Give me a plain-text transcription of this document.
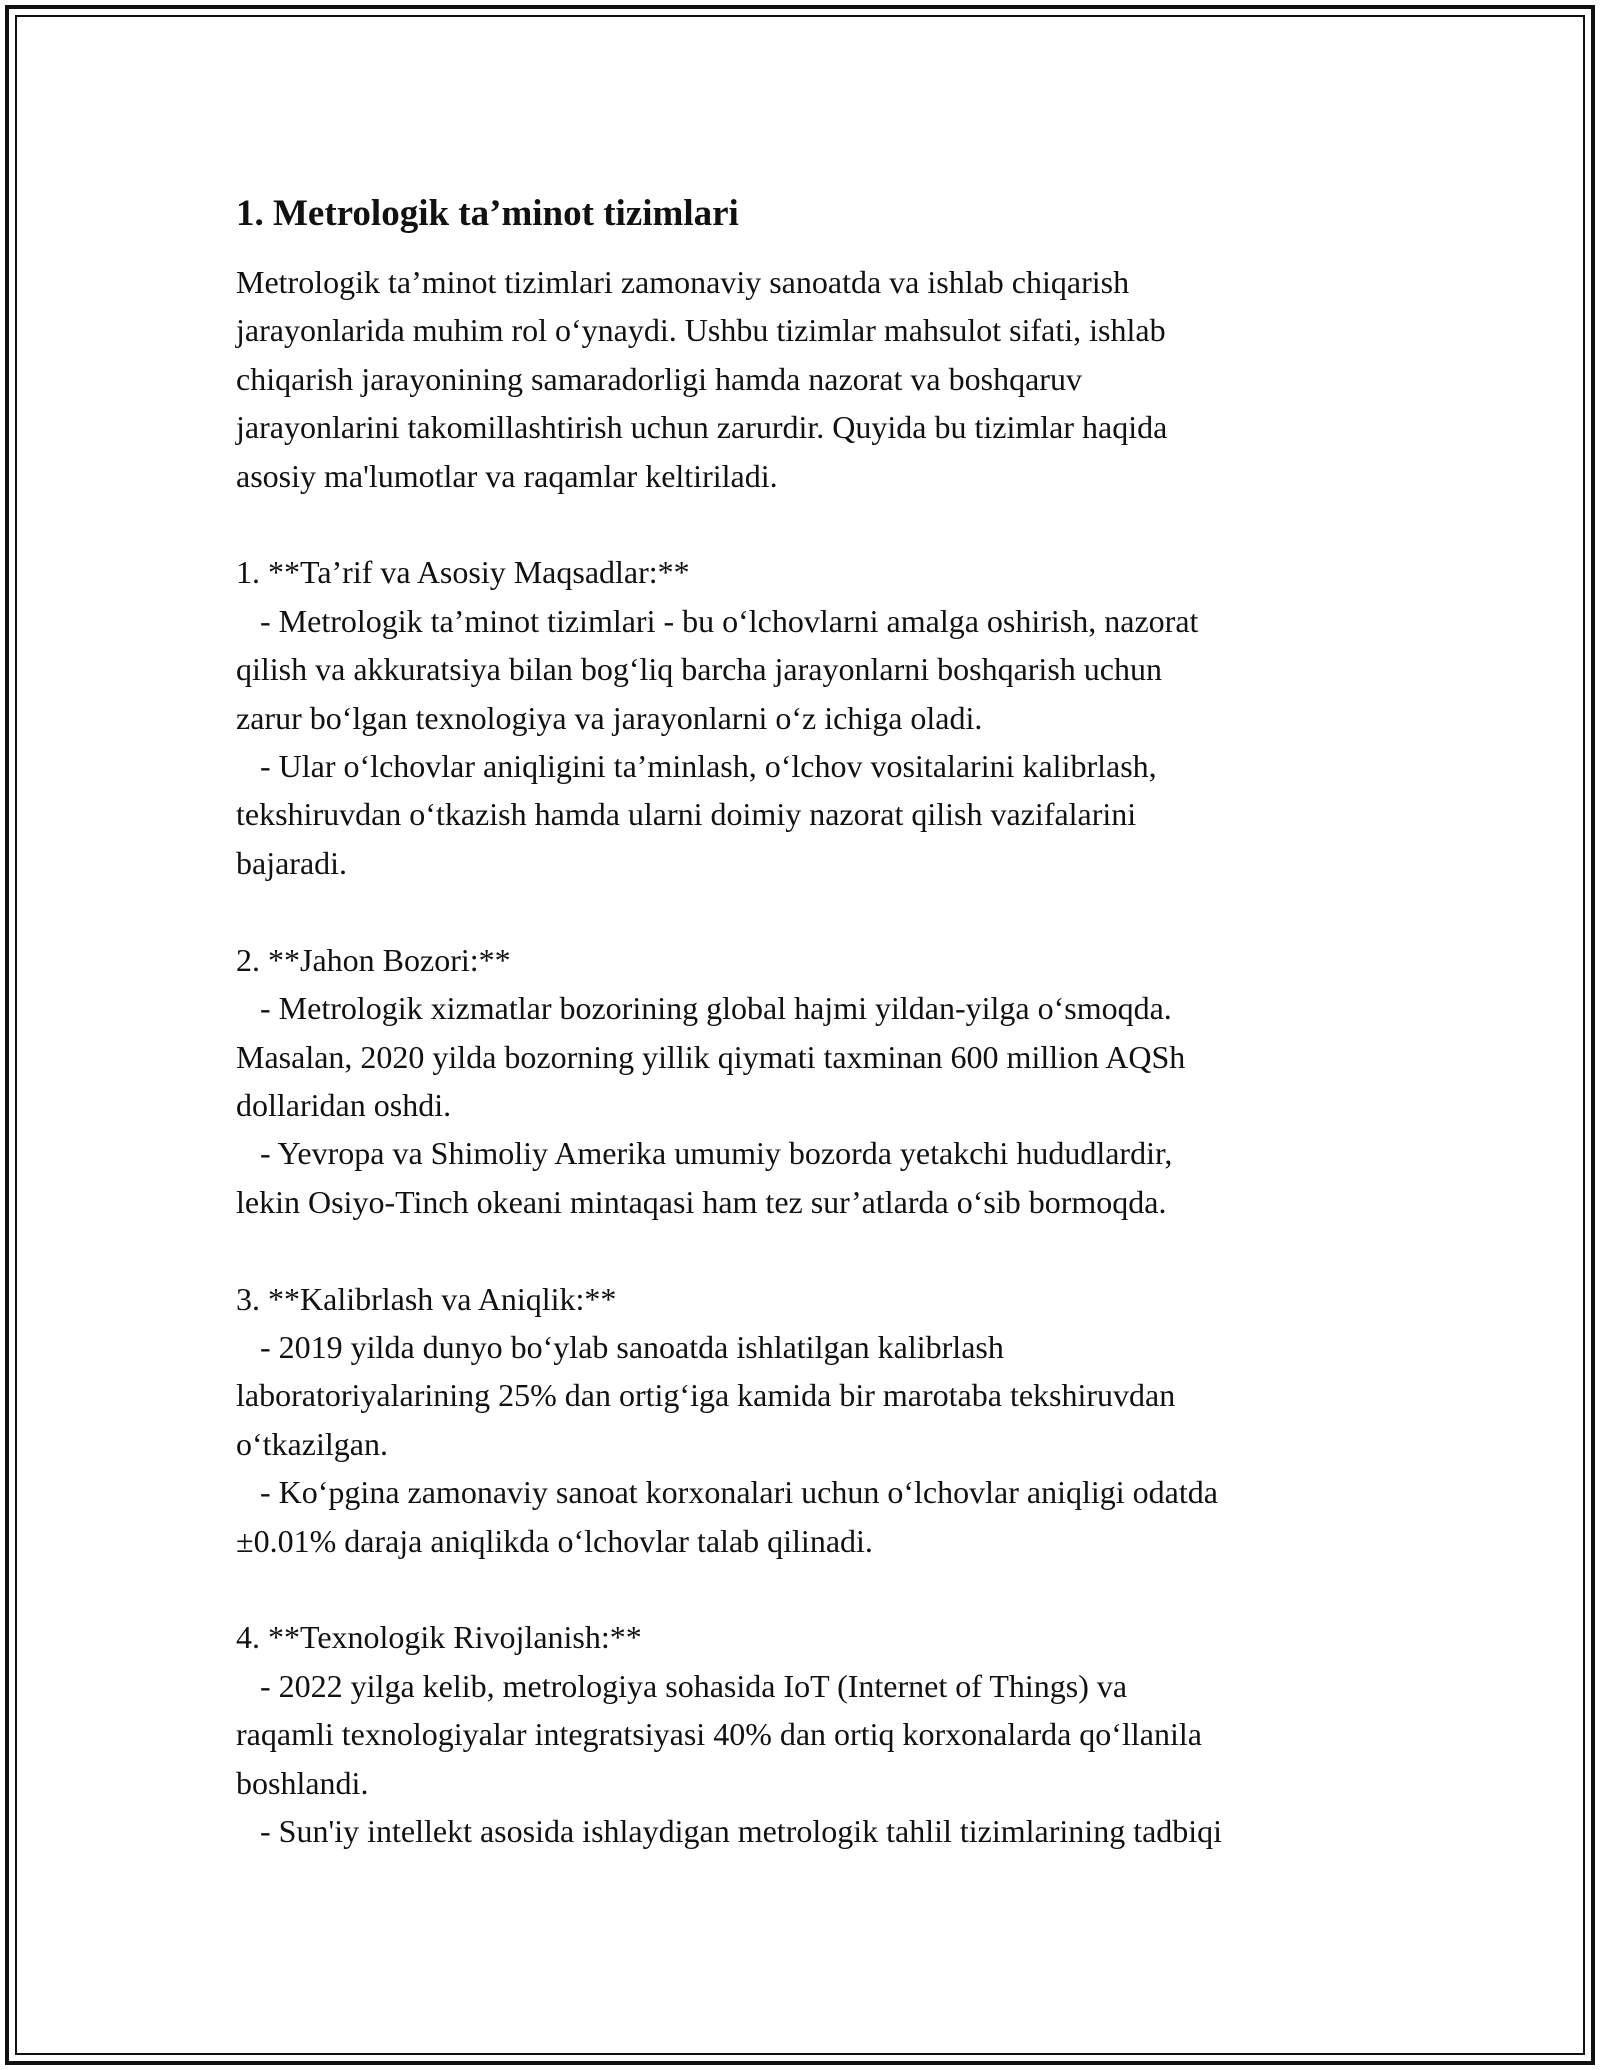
1. Metrologik ta’minot tizimlari

Metrologik ta’minot tizimlari zamonaviy sanoatda va ishlab chiqarish
jarayonlarida muhim rol o‘ynaydi. Ushbu tizimlar mahsulot sifati, ishlab
chiqarish jarayonining samaradorligi hamda nazorat va boshqaruv
jarayonlarini takomillashtirish uchun zarurdir. Quyida bu tizimlar haqida
asosiy ma'lumotlar va raqamlar keltiriladi.

1. **Ta’rif va Asosiy Maqsadlar:**
- Metrologik ta’minot tizimlari - bu o‘lchovlarni amalga oshirish, nazorat
qilish va akkuratsiya bilan bog‘liq barcha jarayonlarni boshqarish uchun
zarur bo‘lgan texnologiya va jarayonlarni o‘z ichiga oladi.
- Ular o‘lchovlar aniqligini ta’minlash, o‘lchov vositalarini kalibrlash,
tekshiruvdan o‘tkazish hamda ularni doimiy nazorat qilish vazifalarini
bajaradi.

2. **Jahon Bozori:**
- Metrologik xizmatlar bozorining global hajmi yildan-yilga o‘smoqda.
Masalan, 2020 yilda bozorning yillik qiymati taxminan 600 million AQSh
dollaridan oshdi.
- Yevropa va Shimoliy Amerika umumiy bozorda yetakchi hududlardir,
lekin Osiyo-Tinch okeani mintaqasi ham tez sur’atlarda o‘sib bormoqda.

3. **Kalibrlash va Aniqlik:**
- 2019 yilda dunyo bo‘ylab sanoatda ishlatilgan kalibrlash
laboratoriyalarining 25% dan ortig‘iga kamida bir marotaba tekshiruvdan
o‘tkazilgan.
- Ko‘pgina zamonaviy sanoat korxonalari uchun o‘lchovlar aniqligi odatda
±0.01% daraja aniqlikda o‘lchovlar talab qilinadi.

4. **Texnologik Rivojlanish:**
- 2022 yilga kelib, metrologiya sohasida IoT (Internet of Things) va
raqamli texnologiyalar integratsiyasi 40% dan ortiq korxonalarda qo‘llanila
boshlandi.
- Sun'iy intellekt asosida ishlaydigan metrologik tahlil tizimlarining tadbiqi
